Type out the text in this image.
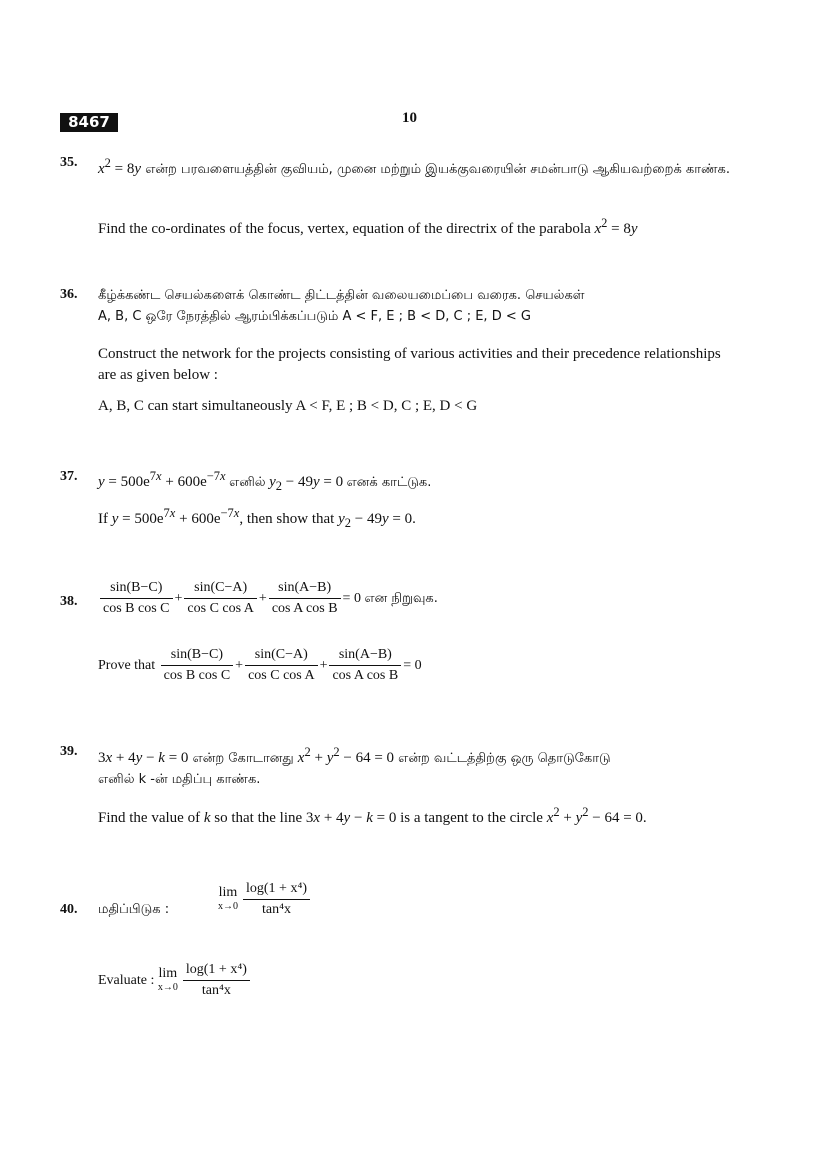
8467	10
35. $x^2 = 8y$ என்ற பரவளையத்தின் குவியம், முனை மற்றும் இயக்குவரையின் சமன்பாடு ஆகியவற்றைக் காண்க.
Find the co-ordinates of the focus, vertex, equation of the directrix of the parabola $x^2 = 8y$
36. கீழ்க்கண்ட செயல்களைக் கொண்ட திட்டத்தின் வலையமைப்பை வரைக. செயல்கள்
A, B, C ஒரே நேரத்தில் ஆரம்பிக்கப்படும் A < F, E ; B < D, C ; E, D < G
Construct the network for the projects consisting of various activities and their precedence relationships are as given below :
A, B, C can start simultaneously A < F, E ; B < D, C ; E, D < G
37. $y = 500e^{7x} + 600e^{-7x}$ எனில் $y_2 - 49y = 0$ எனக் காட்டுக.
If $y = 500e^{7x} + 600e^{-7x}$, then show that $y_2 - 49y = 0$.
38. $\frac{\sin(B-C)}{\text{cos B cos C}} + \frac{\sin(C-A)}{\text{cos C cos A}} + \frac{\sin(A-B)}{\text{cos A cos B}} = 0$ என நிறுவுக.
Prove that
$\frac{\sin(B-C)}{\text{cos B cos C}} + \frac{\sin(C-A)}{\text{cos C cos A}} + \frac{\sin(A-B)}{\text{cos A cos B}} = 0$
39. 3x + 4y − k = 0 என்ற கோடானது $x^2 + y^2 - 64 = 0$ என்ற வட்டத்திற்கு ஒரு தொடுகோடு
எனில் k -ன் மதிப்பு காண்க.
Find the value of k so that the line 3x + 4y − k = 0 is a tangent to the circle $x^2 + y^2 - 64 = 0$.
40. மதிப்பிடுக :
lim
$x\to 0 \frac{\text{log(1 + x⁴)}}{\text{tan⁴x}}$
Evaluate :
lim
$x\to 0 \frac{\text{log(1 + x⁴)}}{\text{tan⁴x}}$
